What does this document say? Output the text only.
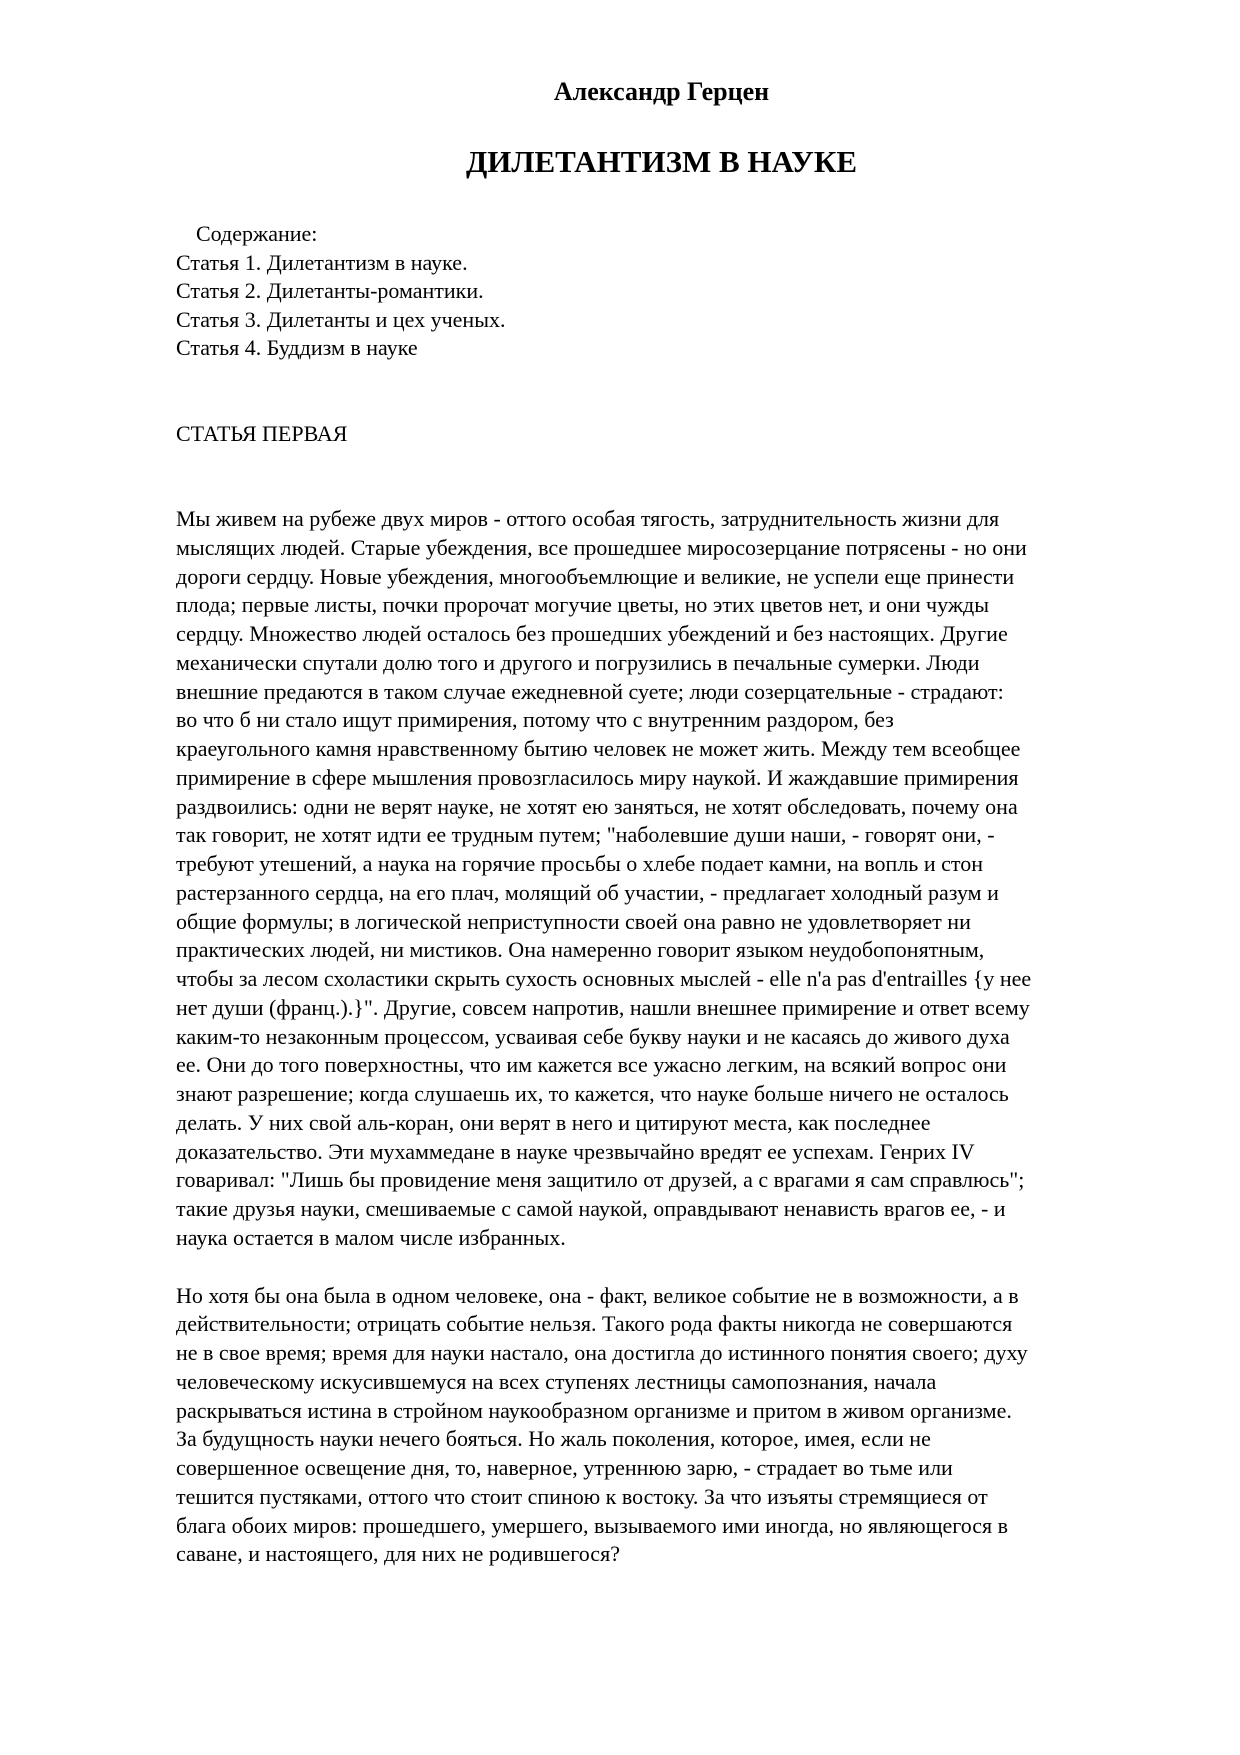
Александр Герцен
ДИЛЕТАНТИЗМ В НАУКЕ
Содержание:
Статья 1. Дилетантизм в науке.
Статья 2. Дилетанты-романтики.
Статья 3. Дилетанты и цех ученых.
Статья 4. Буддизм в науке
СТАТЬЯ ПЕРВАЯ

Мы живем на рубеже двух миров - оттого особая тягость, затруднительность жизни для
мыслящих людей. Старые убеждения, все прошедшее миросозерцание потрясены - но они
дороги сердцу. Новые убеждения, многообъемлющие и великие, не успели еще принести
плода; первые листы, почки пророчат могучие цветы, но этих цветов нет, и они чужды
сердцу. Множество людей осталось без прошедших убеждений и без настоящих. Другие
механически спутали долю того и другого и погрузились в печальные сумерки. Люди
внешние предаются в таком случае ежедневной суете; люди созерцательные - страдают:
во что б ни стало ищут примирения, потому что с внутренним раздором, без
краеугольного камня нравственному бытию человек не может жить. Между тем всеобщее
примирение в сфере мышления провозгласилось миру наукой. И жаждавшие примирения
раздвоились: одни не верят науке, не хотят ею заняться, не хотят обследовать, почему она
так говорит, не хотят идти ее трудным путем; "наболевшие души наши, - говорят они, -
требуют утешений, а наука на горячие просьбы о хлебе подает камни, на вопль и стон
растерзанного сердца, на его плач, молящий об участии, - предлагает холодный разум и
общие формулы; в логической неприступности своей она равно не удовлетворяет ни
практических людей, ни мистиков. Она намеренно говорит языком неудобопонятным,
чтобы за лесом схоластики скрыть сухость основных мыслей - elle n'a pas d'entrailles {у нее
нет души (франц.).}". Другие, совсем напротив, нашли внешнее примирение и ответ всему
каким-то незаконным процессом, усваивая себе букву науки и не касаясь до живого духа
ее. Они до того поверхностны, что им кажется все ужасно легким, на всякий вопрос они
знают разрешение; когда слушаешь их, то кажется, что науке больше ничего не осталось
делать. У них свой аль-коран, они верят в него и цитируют места, как последнее
доказательство. Эти мухаммедане в науке чрезвычайно вредят ее успехам. Генрих IV
говаривал: "Лишь бы провидение меня защитило от друзей, а с врагами я сам справлюсь";
такие друзья науки, смешиваемые с самой наукой, оправдывают ненависть врагов ее, - и
наука остается в малом числе избранных.

Но хотя бы она была в одном человеке, она - факт, великое событие не в возможности, а в
действительности; отрицать событие нельзя. Такого рода факты никогда не совершаются
не в свое время; время для науки настало, она достигла до истинного понятия своего; духу
человеческому искусившемуся на всех ступенях лестницы самопознания, начала
раскрываться истина в стройном наукообразном организме и притом в живом организме.
За будущность науки нечего бояться. Но жаль поколения, которое, имея, если не
совершенное освещение дня, то, наверное, утреннюю зарю, - страдает во тьме или
тешится пустяками, оттого что стоит спиною к востоку. За что изъяты стремящиеся от
блага обоих миров: прошедшего, умершего, вызываемого ими иногда, но являющегося в
саване, и настоящего, для них не родившегося?
